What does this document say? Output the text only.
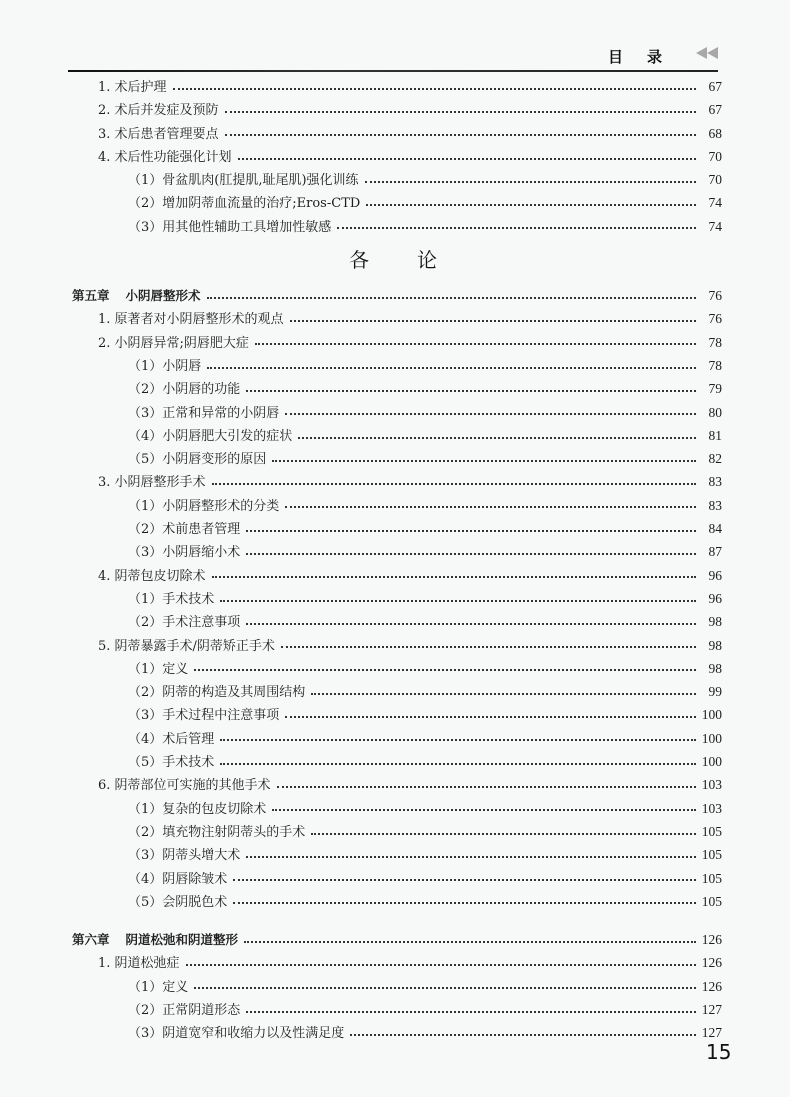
目录
1. 术后护理	67
2. 术后并发症及预防	67
3. 术后患者管理要点	68
4. 术后性功能强化计划	70
（1）骨盆肌肉(肛提肌,耻尾肌)强化训练	70
（2）增加阴蒂血流量的治疗;Eros-CTD	74
（3）用其他性辅助工具增加性敏感	74
各论
第五章 小阴唇整形术	76
1. 原著者对小阴唇整形术的观点	76
2. 小阴唇异常;阴唇肥大症	78
（1）小阴唇	78
（2）小阴唇的功能	79
（3）正常和异常的小阴唇	80
（4）小阴唇肥大引发的症状	81
（5）小阴唇变形的原因	82
3. 小阴唇整形手术	83
（1）小阴唇整形术的分类	83
（2）术前患者管理	84
（3）小阴唇缩小术	87
4. 阴蒂包皮切除术	96
（1）手术技术	96
（2）手术注意事项	98
5. 阴蒂暴露手术/阴蒂矫正手术	98
（1）定义	98
（2）阴蒂的构造及其周围结构	99
（3）手术过程中注意事项	100
（4）术后管理	100
（5）手术技术	100
6. 阴蒂部位可实施的其他手术	103
（1）复杂的包皮切除术	103
（2）填充物注射阴蒂头的手术	105
（3）阴蒂头增大术	105
（4）阴唇除皱术	105
（5）会阴脱色术	105
第六章 阴道松弛和阴道整形	126
1. 阴道松弛症	126
（1）定义	126
（2）正常阴道形态	127
（3）阴道宽窄和收缩力以及性满足度	127
15
